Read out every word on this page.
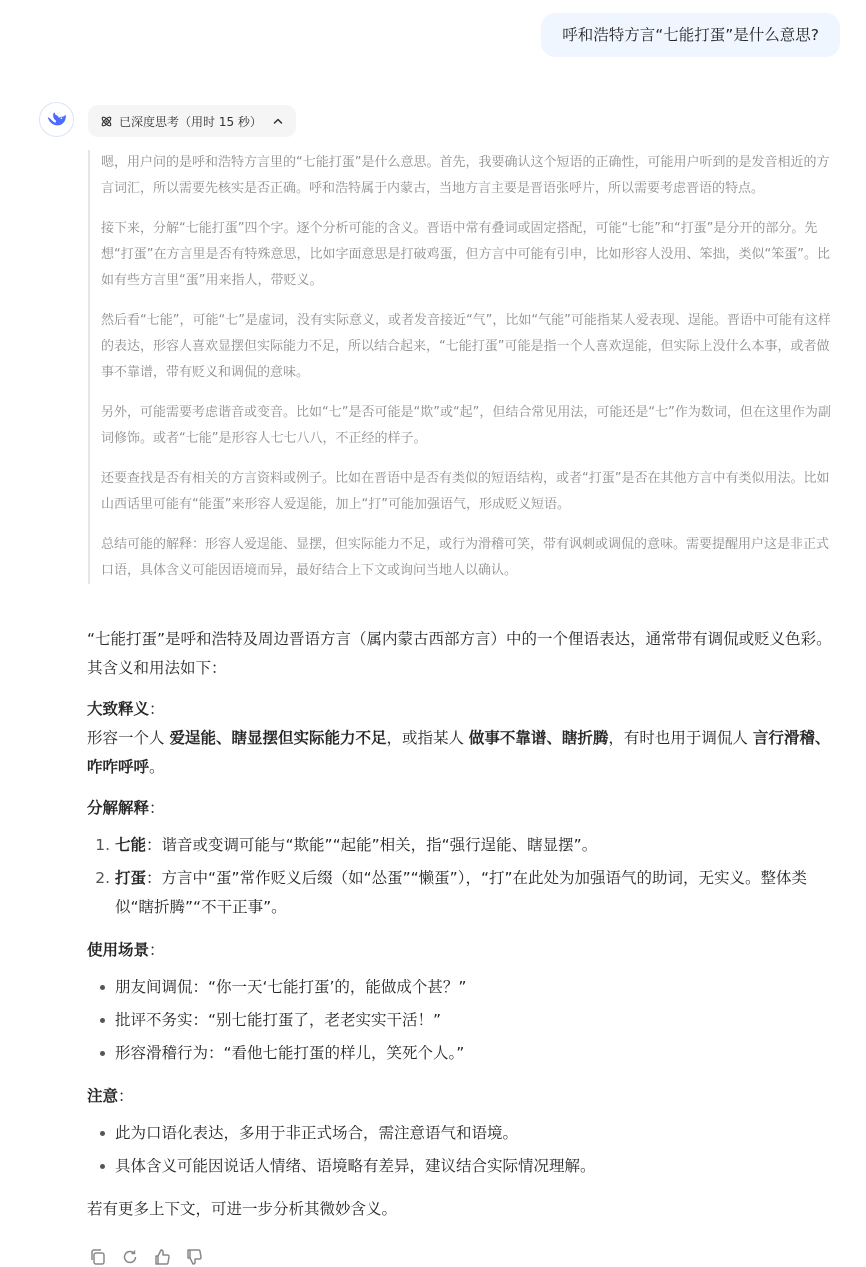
呼和浩特方言“七能打蛋”是什么意思?
已深度思考（用时 15 秒）

嗯，用户问的是呼和浩特方言里的“七能打蛋”是什么意思。首先，我要确认这个短语的正确性，可能用户听到的是发音相近的方言词汇，所以需要先核实是否正确。呼和浩特属于内蒙古，当地方言主要是晋语张呼片，所以需要考虑晋语的特点。

接下来，分解“七能打蛋”四个字。逐个分析可能的含义。晋语中常有叠词或固定搭配，可能“七能”和“打蛋”是分开的部分。先想“打蛋”在方言里是否有特殊意思，比如字面意思是打破鸡蛋，但方言中可能有引申，比如形容人没用、笨拙，类似“笨蛋”。比如有些方言里“蛋”用来指人，带贬义。

然后看“七能”，可能“七”是虚词，没有实际意义，或者发音接近“气”，比如“气能”可能指某人爱表现、逞能。晋语中可能有这样的表达，形容人喜欢显摆但实际能力不足，所以结合起来，“七能打蛋”可能是指一个人喜欢逞能，但实际上没什么本事，或者做事不靠谱，带有贬义和调侃的意味。

另外，可能需要考虑谐音或变音。比如“七”是否可能是“欺”或“起”，但结合常见用法，可能还是“七”作为数词，但在这里作为副词修饰。或者“七能”是形容人七七八八，不正经的样子。

还要查找是否有相关的方言资料或例子。比如在晋语中是否有类似的短语结构，或者“打蛋”是否在其他方言中有类似用法。比如山西话里可能有“能蛋”来形容人爱逞能，加上“打”可能加强语气，形成贬义短语。

总结可能的解释：形容人爱逞能、显摆，但实际能力不足，或行为滑稽可笑，带有讽刺或调侃的意味。需要提醒用户这是非正式口语，具体含义可能因语境而异，最好结合上下文或询问当地人以确认。

“七能打蛋”是呼和浩特及周边晋语方言（属内蒙古西部方言）中的一个俚语表达，通常带有调侃或贬义色彩。其含义和用法如下：

大致释义：

形容一个人 爱逞能、瞎显摆但实际能力不足，或指某人 做事不靠谱、瞎折腾，有时也用于调侃人 言行滑稽、咋咋呼呼。

分解解释：

1. 七能：谐音或变调可能与“欺能”“起能”相关，指“强行逞能、瞎显摆”。
2. 打蛋：方言中“蛋”常作贬义后缀（如“怂蛋”“懒蛋”），“打”在此处为加强语气的助词，无实义。整体类似“瞎折腾”“不干正事”。

使用场景：

朋友间调侃：“你一天‘七能打蛋’的，能做成个甚？”
批评不务实：“别七能打蛋了，老老实实干活！”
形容滑稽行为：“看他七能打蛋的样儿，笑死个人。”

注意：

此为口语化表达，多用于非正式场合，需注意语气和语境。
具体含义可能因说话人情绪、语境略有差异，建议结合实际情况理解。

若有更多上下文，可进一步分析其微妙含义。
